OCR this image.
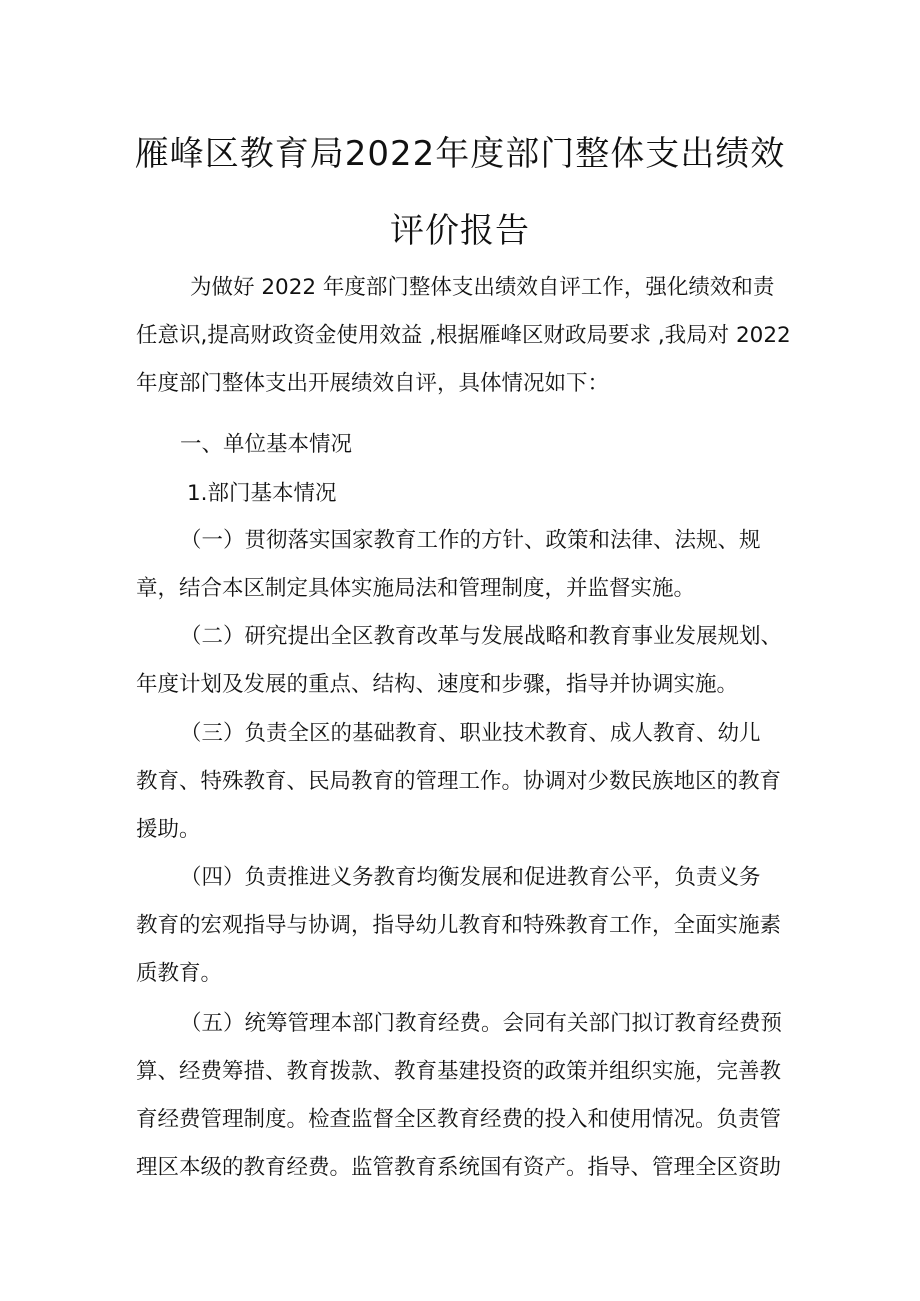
雁峰区教育局2022年度部门整体支出绩效
评价报告
为做好 2022 年度部门整体支出绩效自评工作，强化绩效和责
任意识,提高财政资金使用效益 ,根据雁峰区财政局要求 ,我局对 2022
年度部门整体支出开展绩效自评，具体情况如下：
一、单位基本情况
1.部门基本情况
（一）贯彻落实国家教育工作的方针、政策和法律、法规、规
章，结合本区制定具体实施局法和管理制度，并监督实施。
（二）研究提出全区教育改革与发展战略和教育事业发展规划、
年度计划及发展的重点、结构、速度和步骤，指导并协调实施。
（三）负责全区的基础教育、职业技术教育、成人教育、幼儿
教育、特殊教育、民局教育的管理工作。协调对少数民族地区的教育
援助。
（四）负责推进义务教育均衡发展和促进教育公平，负责义务
教育的宏观指导与协调，指导幼儿教育和特殊教育工作，全面实施素
质教育。
（五）统筹管理本部门教育经费。会同有关部门拟订教育经费预
算、经费筹措、教育拨款、教育基建投资的政策并组织实施，完善教
育经费管理制度。检查监督全区教育经费的投入和使用情况。负责管
理区本级的教育经费。监管教育系统国有资产。指导、管理全区资助
